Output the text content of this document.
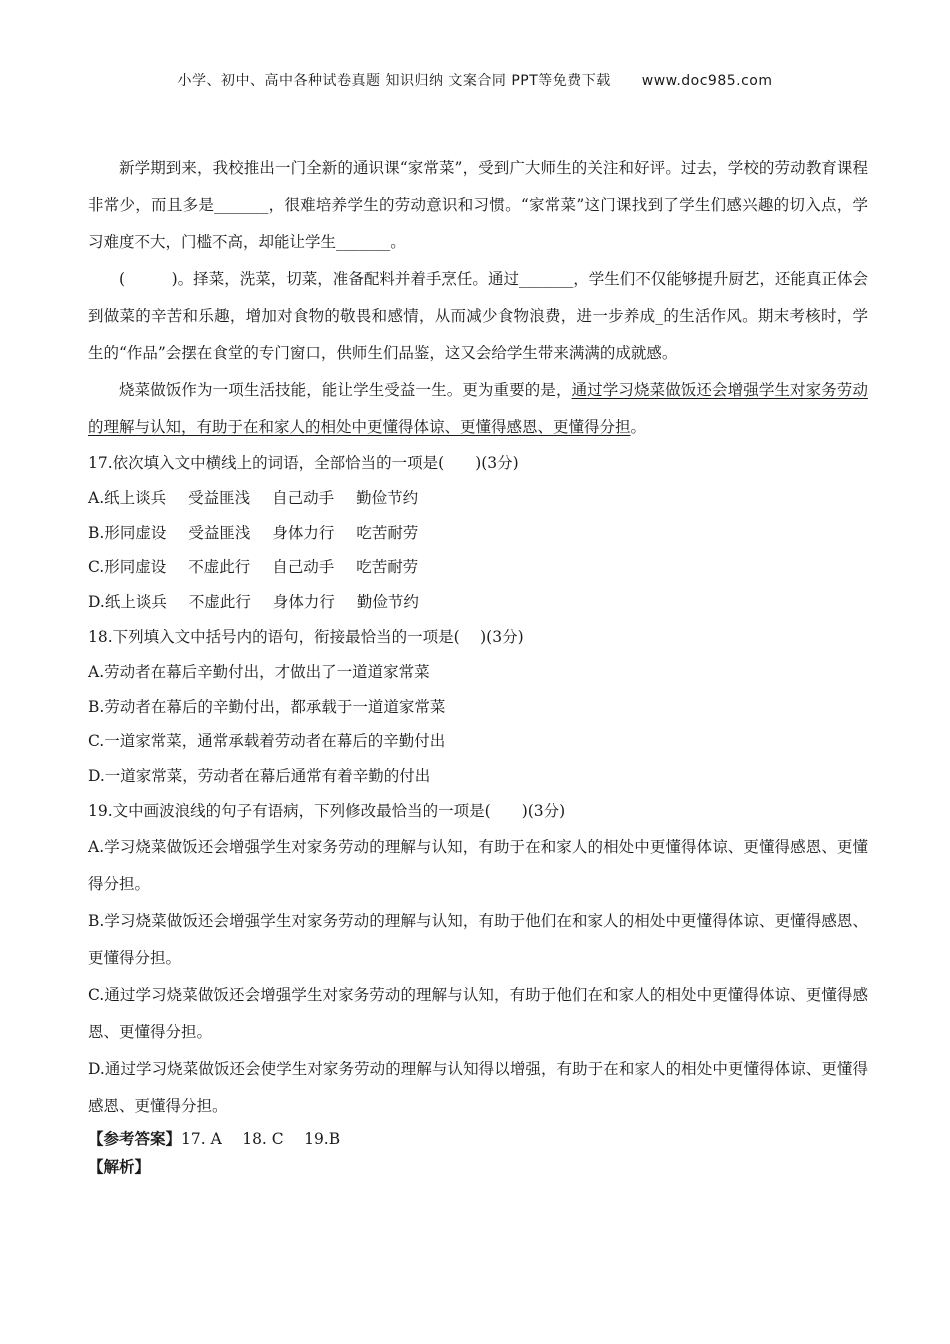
小学、初中、高中各种试卷真题 知识归纳 文案合同 PPT等免费下载 www.doc985.com

新学期到来，我校推出一门全新的通识课“家常菜”，受到广大师生的关注和好评。过去，学校的劳动教育课程非常少，而且多是_______，很难培养学生的劳动意识和习惯。“家常菜”这门课找到了学生们感兴趣的切入点，学习难度不大，门槛不高，却能让学生_______。

(　　　)。择菜，洗菜，切菜，准备配料并着手烹任。通过_______，学生们不仅能够提升厨艺，还能真正体会到做菜的辛苦和乐趣，增加对食物的敬畏和感情，从而减少食物浪费，进一步养成_的生活作风。期末考核时，学生的“作品”会摆在食堂的专门窗口，供师生们品鉴，这又会给学生带来满满的成就感。

烧菜做饭作为一项生活技能，能让学生受益一生。更为重要的是，通过学习烧菜做饭还会增强学生对家务劳动的理解与认知，有助于在和家人的相处中更懂得体谅、更懂得感恩、更懂得分担。

17.依次填入文中横线上的词语，全部恰当的一项是(　　)(3分)

A.纸上谈兵 受益匪浅 自己动手 勤俭节约

B.形同虚设 受益匪浅 身体力行 吃苦耐劳

C.形同虚设 不虚此行 自己动手 吃苦耐劳

D.纸上谈兵 不虚此行 身体力行 勤俭节约

18.下列填入文中括号内的语句，衔接最恰当的一项是(　 )(3分)

A.劳动者在幕后辛勤付出，才做出了一道道家常菜

B.劳动者在幕后的辛勤付出，都承载于一道道家常菜

C.一道家常菜，通常承载着劳动者在幕后的辛勤付出

D.一道家常菜，劳动者在幕后通常有着辛勤的付出

19.文中画波浪线的句子有语病，下列修改最恰当的一项是(　　)(3分)

A.学习烧菜做饭还会增强学生对家务劳动的理解与认知，有助于在和家人的相处中更懂得体谅、更懂得感恩、更懂得分担。

B.学习烧菜做饭还会增强学生对家务劳动的理解与认知，有助于他们在和家人的相处中更懂得体谅、更懂得感恩、更懂得分担。

C.通过学习烧菜做饭还会增强学生对家务劳动的理解与认知，有助于他们在和家人的相处中更懂得体谅、更懂得感恩、更懂得分担。

D.通过学习烧菜做饭还会使学生对家务劳动的理解与认知得以增强，有助于在和家人的相处中更懂得体谅、更懂得感恩、更懂得分担。

【参考答案】17. A　 18. C　 19.B

【解析】
